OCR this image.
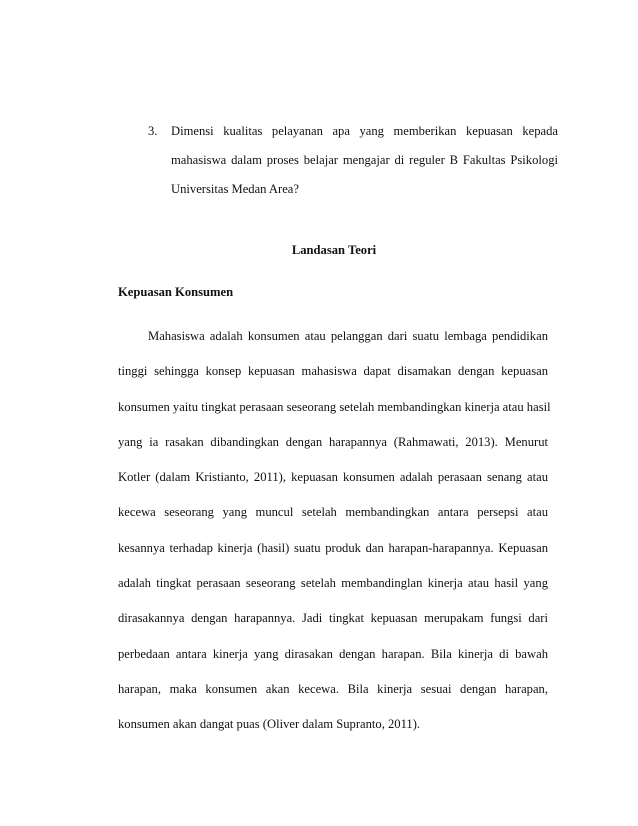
3. Dimensi kualitas pelayanan apa yang memberikan kepuasan kepada
mahasiswa dalam proses belajar mengajar di reguler B Fakultas Psikologi
Universitas Medan Area?
Landasan Teori
Kepuasan Konsumen
Mahasiswa adalah konsumen atau pelanggan dari suatu lembaga pendidikan
tinggi sehingga konsep kepuasan mahasiswa dapat disamakan dengan kepuasan
konsumen yaitu tingkat perasaan seseorang setelah membandingkan kinerja atau hasil
yang ia rasakan dibandingkan dengan harapannya (Rahmawati, 2013). Menurut
Kotler (dalam Kristianto, 2011), kepuasan konsumen adalah perasaan senang atau
kecewa seseorang yang muncul setelah membandingkan antara persepsi atau
kesannya terhadap kinerja (hasil) suatu produk dan harapan-harapannya. Kepuasan
adalah tingkat perasaan seseorang setelah membandinglan kinerja atau hasil yang
dirasakannya dengan harapannya. Jadi tingkat kepuasan merupakam fungsi dari
perbedaan antara kinerja yang dirasakan dengan harapan. Bila kinerja di bawah
harapan, maka konsumen akan kecewa. Bila kinerja sesuai dengan harapan,
konsumen akan dangat puas (Oliver dalam Supranto, 2011).
